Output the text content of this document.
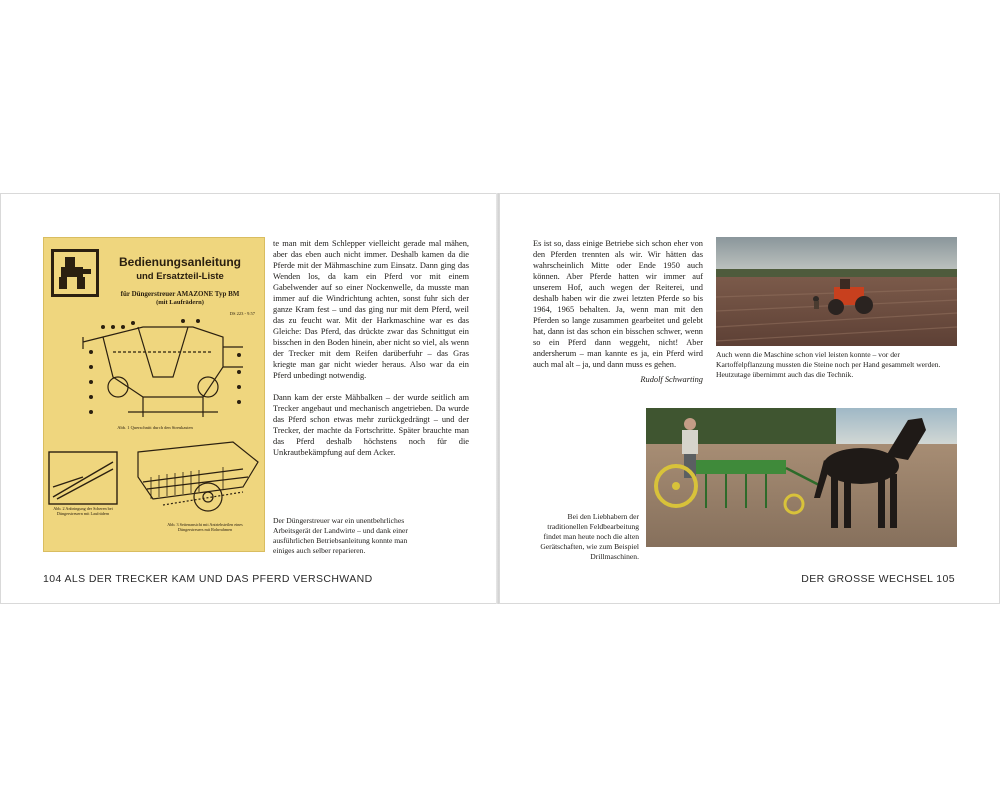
Bedienungsanleitung
und Ersatzteil-Liste
für Düngerstreuer AMAZONE Typ BM
(mit Laufrädern)
DS 223 - 9.57
Abb. 1 Querschnitt durch den Streukasten
Abb. 2 Anbringung der Scheren bei Düngerstreuern mit Laufrädern
Abb. 3 Seitenansicht mit Antriebsteilen eines Düngerstreuers mit Rohrrahmen

te man mit dem Schlepper vielleicht gerade mal mähen, aber das eben auch nicht immer. Deshalb kamen da die Pferde mit der Mähmaschine zum Einsatz. Dann ging das Wenden los, da kam ein Pferd vor mit einem Gabelwender auf so einer Nockenwelle, da musste man immer auf die Windrichtung achten, sonst fuhr sich der ganze Kram fest – und das ging nur mit dem Pferd, weil das zu feucht war. Mit der Harkmaschine war es das Gleiche: Das Pferd, das drückte zwar das Schnittgut ein bisschen in den Boden hinein, aber nicht so viel, als wenn der Trecker mit dem Reifen darüberfuhr – das Gras kriegte man gar nicht wieder heraus. Also war da ein Pferd unbedingt notwendig.

Dann kam der erste Mähbalken – der wurde seitlich am Trecker angebaut und mechanisch angetrieben. Da wurde das Pferd schon etwas mehr zurückgedrängt – und der Trecker, der machte da Fortschritte. Später brauchte man das Pferd deshalb höchstens noch für die Unkrautbekämpfung auf dem Acker.

Der Düngerstreuer war ein unentbehrliches Arbeitsgerät der Landwirte – und dank einer ausführlichen Betriebsanleitung konnte man einiges auch selber reparieren.
104 ALS DER TRECKER KAM UND DAS PFERD VERSCHWAND

Es ist so, dass einige Betriebe sich schon eher von den Pferden trennten als wir. Wir hätten das wahrscheinlich Mitte oder Ende 1950 auch können. Aber Pferde hatten wir immer auf unserem Hof, auch wegen der Reiterei, und deshalb haben wir die zwei letzten Pferde so bis 1964, 1965 behalten. Ja, wenn man mit den Pferden so lange zusammen gearbeitet und gelebt hat, dann ist das schon ein bisschen schwer, wenn so ein Pferd dann weggeht, nicht! Aber andersherum – man kannte es ja, ein Pferd wird auch mal alt – ja, und dann muss es gehen.

Rudolf Schwarting
Auch wenn die Maschine schon viel leisten konnte – vor der Kartoffelpflanzung mussten die Steine noch per Hand gesammelt werden. Heutzutage übernimmt auch das die Technik.
Bei den Liebhabern der traditionellen Feldbearbeitung findet man heute noch die alten Gerätschaften, wie zum Beispiel Drillmaschinen.
DER GROSSE WECHSEL 105
